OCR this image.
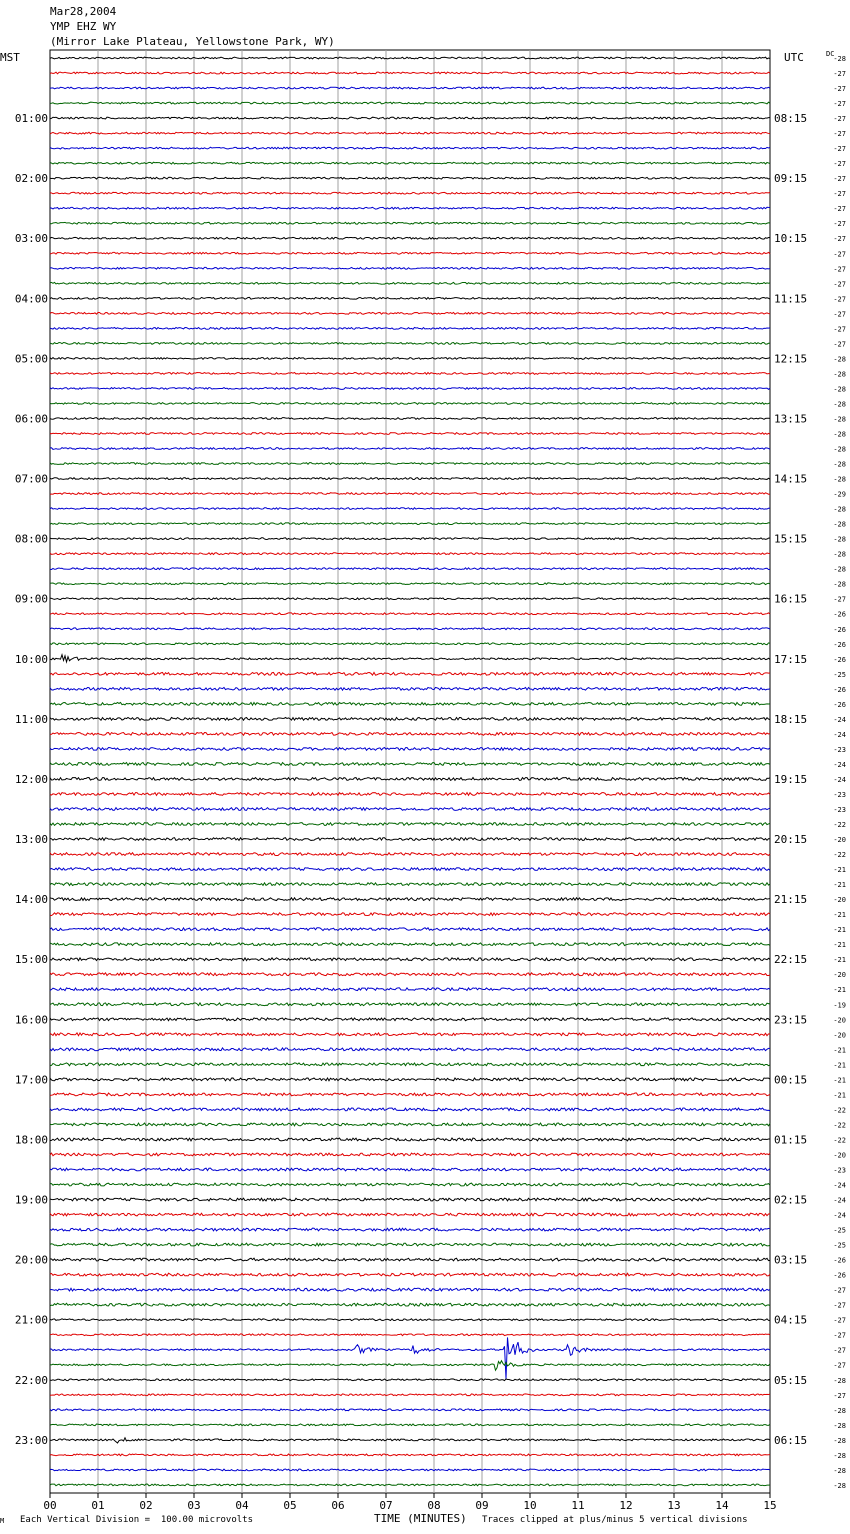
-28
-27
-27
-27
-27
-27
-27
-27
-27
-27
-27
-27
-27
-27
-27
-27
-27
-27
-27
-27
-28
-28
-28
-28
-28
-28
-28
-28
-28
-29
-28
-28
-28
-28
-28
-28
-27
-26
-26
-26
-26
-25
-26
-26
-24
-24
-23
-24
-24
-23
-23
-22
-20
-22
-21
-21
-20
-21
-21
-21
-21
-20
-21
-19
-20
-20
-21
-21
-21
-21
-22
-22
-22
-20
-23
-24
-24
-24
-25
-25
-26
-26
-27
-27
-27
-27
-27
-27
-28
-27
-28
-28
-28
-28
-28
-28
01:00	08:15
02:00	09:15
03:00	10:15
04:00	11:15
05:00	12:15
06:00	13:15
07:00	14:15
08:00	15:15
09:00	16:15
10:00	17:15
11:00	18:15
12:00	19:15
13:00	20:15
14:00	21:15
15:00	22:15
16:00	23:15
17:00	00:15
18:00	01:15
19:00	02:15
20:00	03:15
21:00	04:15
22:00	05:15
23:00	06:15
MST	UTC	DC
00	01	02	03	04	05	06	07	08	09	10	11	12	13	14	15
Mar28,2004
YMP EHZ WY
(Mirror Lake Plateau, Yellowstone Park, WY)
M Each Vertical Division =  100.00 microvolts	TIME (MINUTES) Traces clipped at plus/minus 5 vertical divisions
